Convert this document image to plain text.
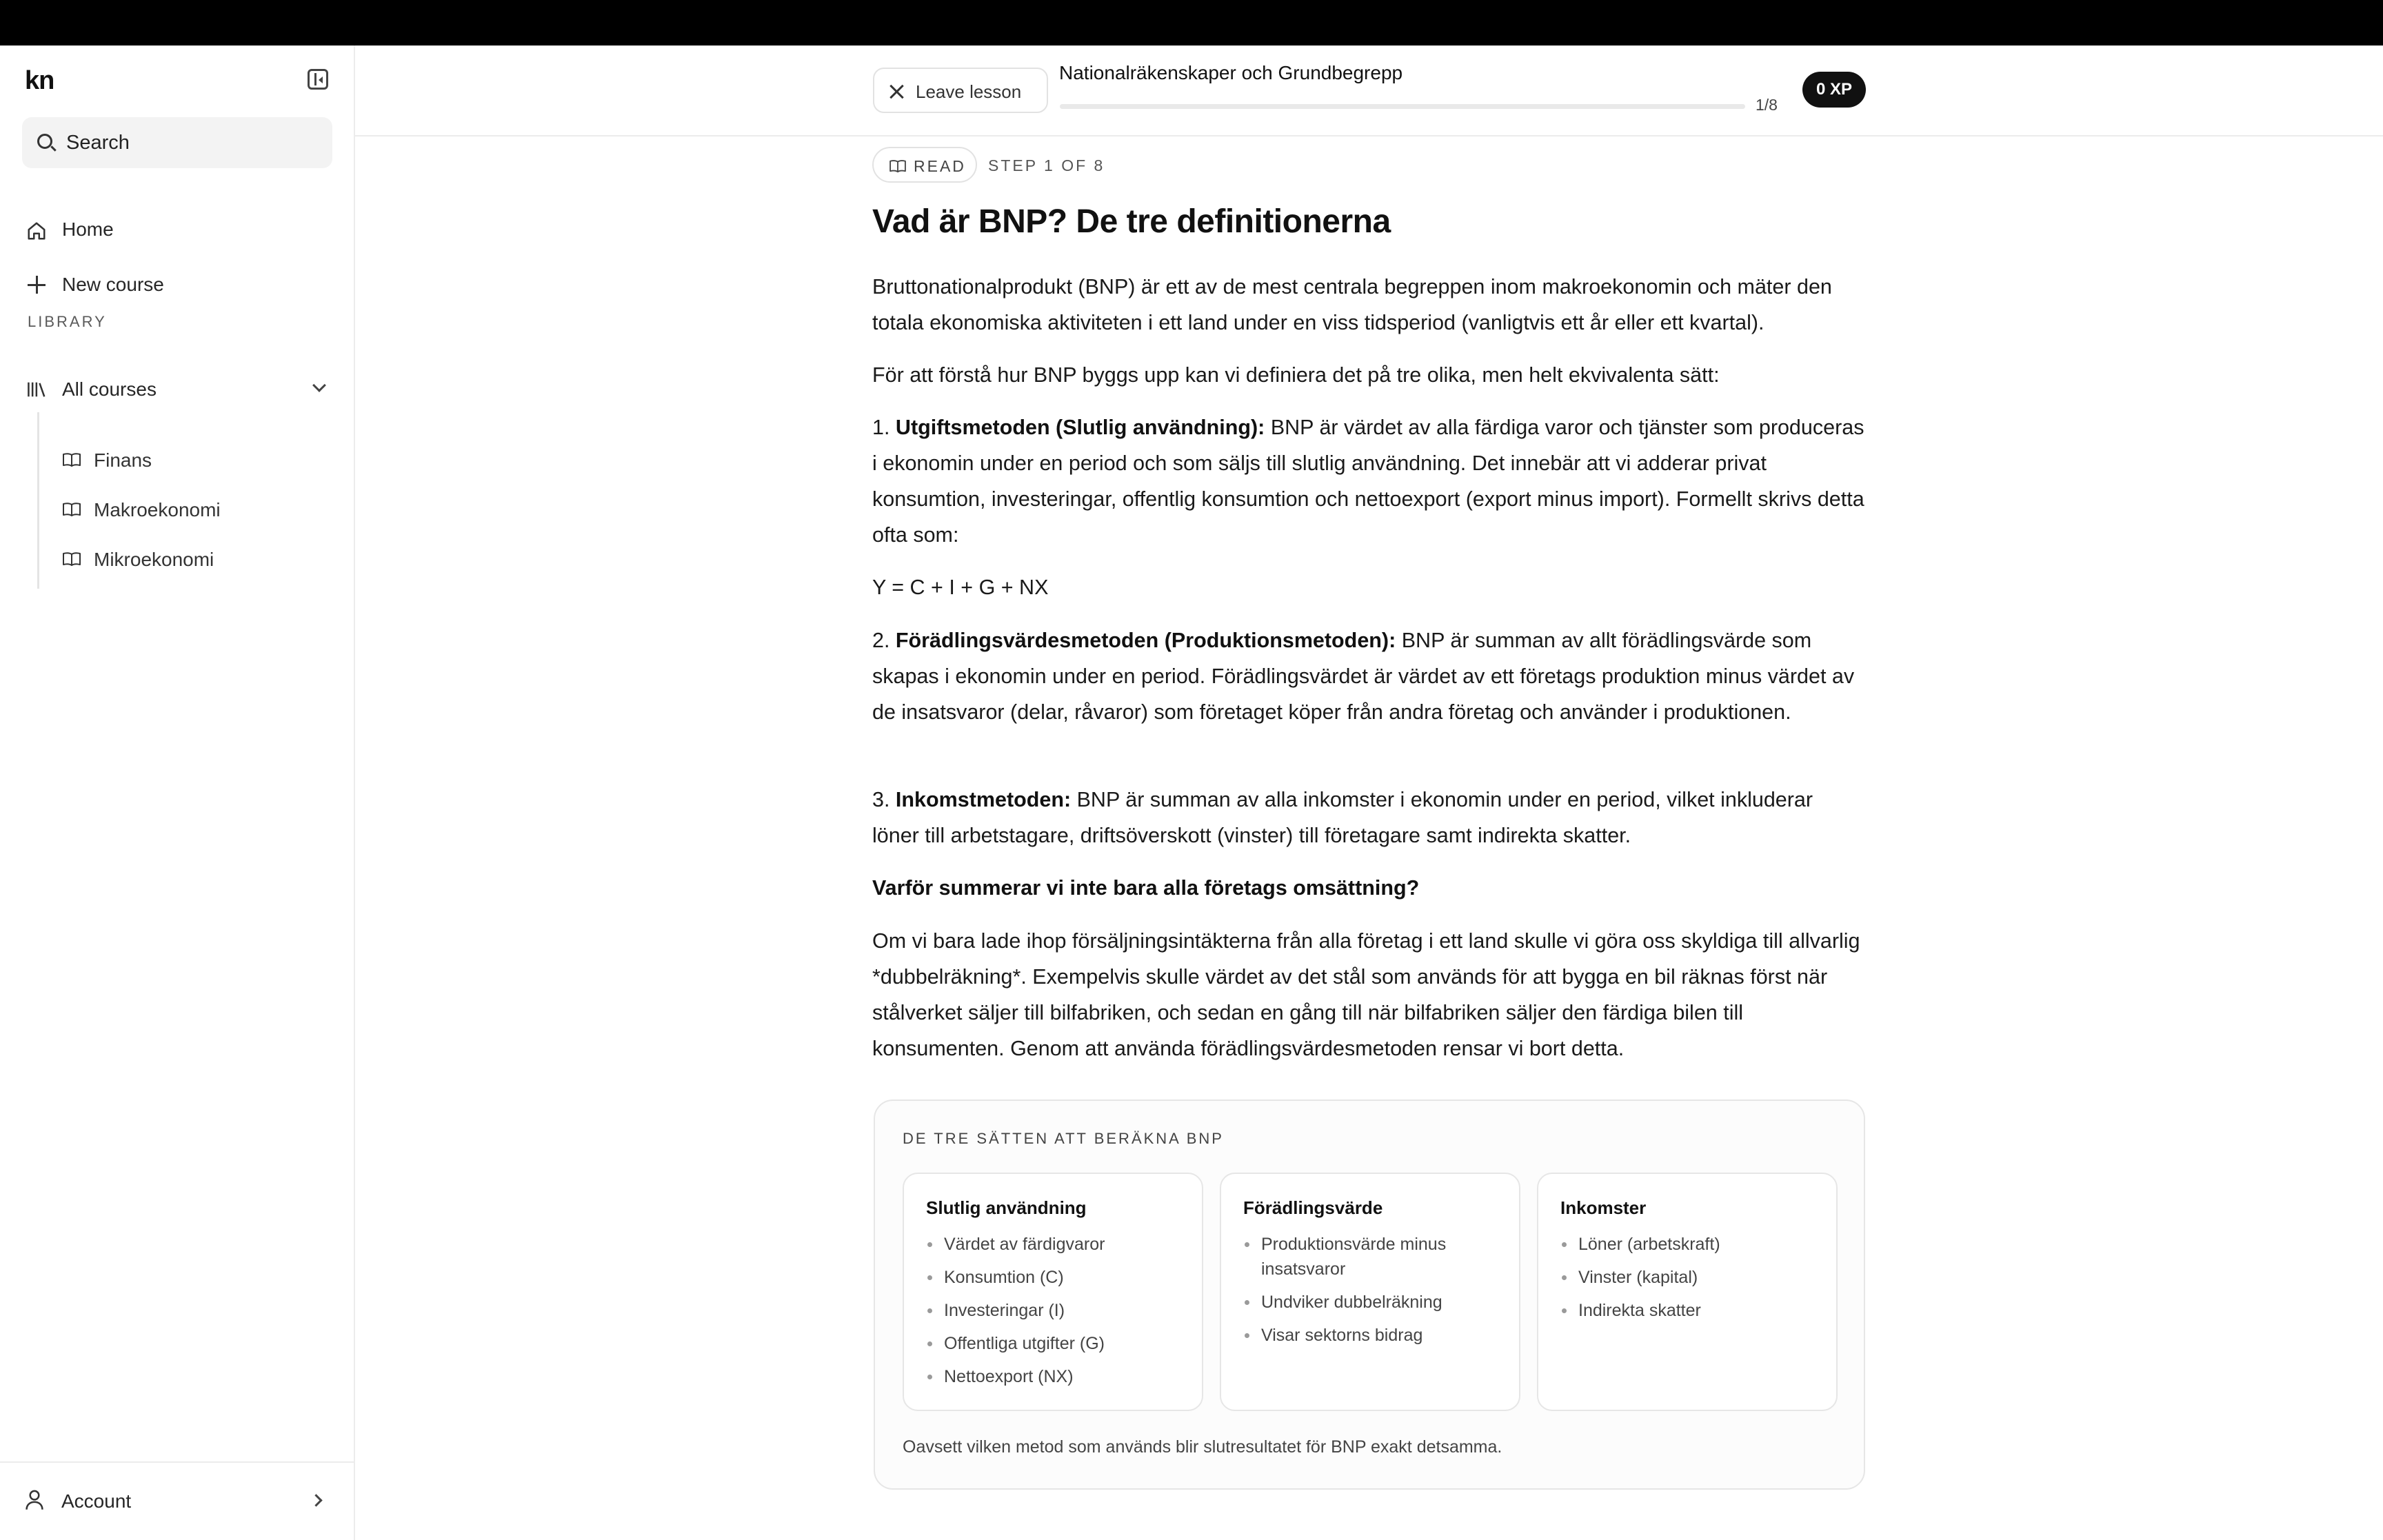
kn
Search
Home
New course
LIBRARY
All courses
Finans
Makroekonomi
Mikroekonomi
Account
Leave lesson
Nationalräkenskaper och Grundbegrepp
1/8
0 XP
READ STEP 1 OF 8
Vad är BNP? De tre definitionerna

Bruttonationalprodukt (BNP) är ett av de mest centrala begreppen inom makroekonomin och mäter den totala ekonomiska aktiviteten i ett land under en viss tidsperiod (vanligtvis ett år eller ett kvartal).

För att förstå hur BNP byggs upp kan vi definiera det på tre olika, men helt ekvivalenta sätt:

1. Utgiftsmetoden (Slutlig användning): BNP är värdet av alla färdiga varor och tjänster som produceras i ekonomin under en period och som säljs till slutlig användning. Det innebär att vi adderar privat konsumtion, investeringar, offentlig konsumtion och nettoexport (export minus import). Formellt skrivs detta ofta som:

Y = C + I + G + NX

2. Förädlingsvärdesmetoden (Produktionsmetoden): BNP är summan av allt förädlingsvärde som skapas i ekonomin under en period. Förädlingsvärdet är värdet av ett företags produktion minus värdet av de insatsvaror (delar, råvaror) som företaget köper från andra företag och använder i produktionen.

3. Inkomstmetoden: BNP är summan av alla inkomster i ekonomin under en period, vilket inkluderar löner till arbetstagare, driftsöverskott (vinster) till företagare samt indirekta skatter.

Varför summerar vi inte bara alla företags omsättning?

Om vi bara lade ihop försäljningsintäkterna från alla företag i ett land skulle vi göra oss skyldiga till allvarlig *dubbelräkning*. Exempelvis skulle värdet av det stål som används för att bygga en bil räknas först när stålverket säljer till bilfabriken, och sedan en gång till när bilfabriken säljer den färdiga bilen till konsumenten. Genom att använda förädlingsvärdesmetoden rensar vi bort detta.

DE TRE SÄTTEN ATT BERÄKNA BNP
Slutlig användning
Värdet av färdigvaror
Konsumtion (C)
Investeringar (I)
Offentliga utgifter (G)
Nettoexport (NX)
Förädlingsvärde
Produktionsvärde minus insatsvaror
Undviker dubbelräkning
Visar sektorns bidrag
Inkomster
Löner (arbetskraft)
Vinster (kapital)
Indirekta skatter
Oavsett vilken metod som används blir slutresultatet för BNP exakt detsamma.
